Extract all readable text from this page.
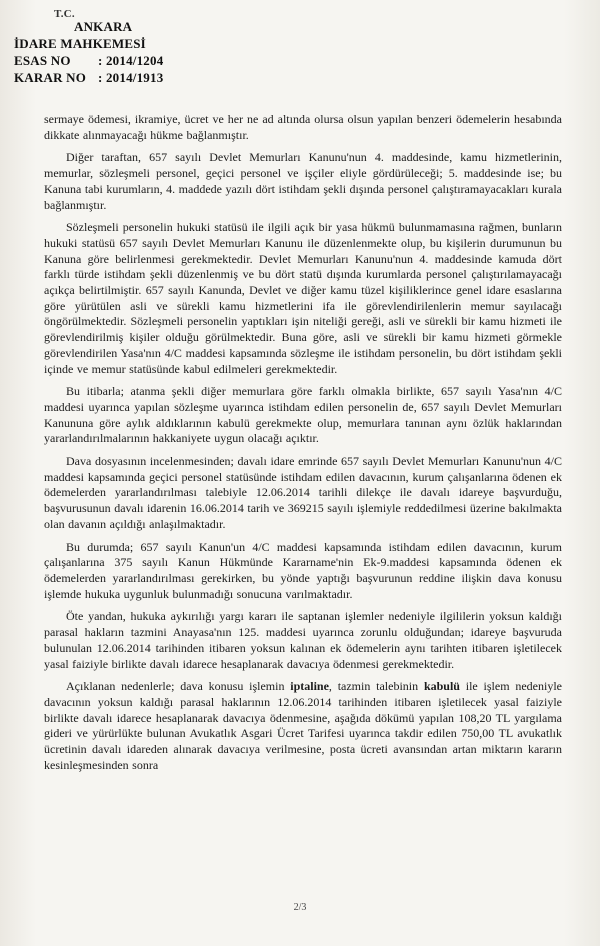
T.C.
ANKARA
İDARE MAHKEMESİ
ESAS NO	: 2014/1204
KARAR NO : 2014/1913

sermaye ödemesi, ikramiye, ücret ve her ne ad altında olursa olsun yapılan benzeri ödemelerin hesabında dikkate alınmayacağı hükme bağlanmıştır.

Diğer taraftan, 657 sayılı Devlet Memurları Kanunu'nun 4. maddesinde, kamu hizmetlerinin, memurlar, sözleşmeli personel, geçici personel ve işçiler eliyle gördürüleceği; 5. maddesinde ise; bu Kanuna tabi kurumların, 4. maddede yazılı dört istihdam şekli dışında personel çalıştıramayacakları kurala bağlanmıştır.

Sözleşmeli personelin hukuki statüsü ile ilgili açık bir yasa hükmü bulunmamasına rağmen, bunların hukuki statüsü 657 sayılı Devlet Memurları Kanunu ile düzenlenmekte olup, bu kişilerin durumunun bu Kanuna göre belirlenmesi gerekmektedir. Devlet Memurları Kanunu'nun 4. maddesinde kamuda dört farklı türde istihdam şekli düzenlenmiş ve bu dört statü dışında kurumlarda personel çalıştırılamayacağı açıkça belirtilmiştir. 657 sayılı Kanunda, Devlet ve diğer kamu tüzel kişiliklerince genel idare esaslarına göre yürütülen asli ve sürekli kamu hizmetlerini ifa ile görevlendirilenlerin memur sayılacağı öngörülmektedir. Sözleşmeli personelin yaptıkları işin niteliği gereği, asli ve sürekli bir kamu hizmeti ile görevlendirilmiş kişiler olduğu görülmektedir. Buna göre, asli ve sürekli bir kamu hizmeti görmekle görevlendirilen Yasa'nın 4/C maddesi kapsamında sözleşme ile istihdam personelin, bu dört istihdam şekli içinde ve memur statüsünde kabul edilmeleri gerekmektedir.

Bu itibarla; atanma şekli diğer memurlara göre farklı olmakla birlikte, 657 sayılı Yasa'nın 4/C maddesi uyarınca yapılan sözleşme uyarınca istihdam edilen personelin de, 657 sayılı Devlet Memurları Kanununa göre aylık aldıklarının kabulü gerekmekte olup, memurlara tanınan aynı özlük haklarından yararlandırılmalarının hakkaniyete uygun olacağı açıktır.

Dava dosyasının incelenmesinden; davalı idare emrinde 657 sayılı Devlet Memurları Kanunu'nun 4/C maddesi kapsamında geçici personel statüsünde istihdam edilen davacının, kurum çalışanlarına ödenen ek ödemelerden yararlandırılması talebiyle 12.06.2014 tarihli dilekçe ile davalı idareye başvurduğu, başvurusunun davalı idarenin 16.06.2014 tarih ve 369215 sayılı işlemiyle reddedilmesi üzerine bakılmakta olan davanın açıldığı anlaşılmaktadır.

Bu durumda; 657 sayılı Kanun'un 4/C maddesi kapsamında istihdam edilen davacının, kurum çalışanlarına 375 sayılı Kanun Hükmünde Kararname'nin Ek-9.maddesi kapsamında ödenen ek ödemelerden yararlandırılması gerekirken, bu yönde yaptığı başvurunun reddine ilişkin dava konusu işlemde hukuka uygunluk bulunmadığı sonucuna varılmaktadır.

Öte yandan, hukuka aykırılığı yargı kararı ile saptanan işlemler nedeniyle ilgililerin yoksun kaldığı parasal hakların tazmini Anayasa'nın 125. maddesi uyarınca zorunlu olduğundan; idareye başvuruda bulunulan 12.06.2014 tarihinden itibaren yoksun kalınan ek ödemelerin aynı tarihten itibaren işletilecek yasal faiziyle birlikte davalı idarece hesaplanarak davacıya ödenmesi gerekmektedir.

Açıklanan nedenlerle; dava konusu işlemin iptaline, tazmin talebinin kabulü ile işlem nedeniyle davacının yoksun kaldığı parasal haklarının 12.06.2014 tarihinden itibaren işletilecek yasal faiziyle birlikte davalı idarece hesaplanarak davacıya ödenmesine, aşağıda dökümü yapılan 108,20 TL yargılama gideri ve yürürlükte bulunan Avukatlık Asgari Ücret Tarifesi uyarınca takdir edilen 750,00 TL avukatlık ücretinin davalı idareden alınarak davacıya verilmesine, posta ücreti avansından artan miktarın kararın kesinleşmesinden sonra

2/3
